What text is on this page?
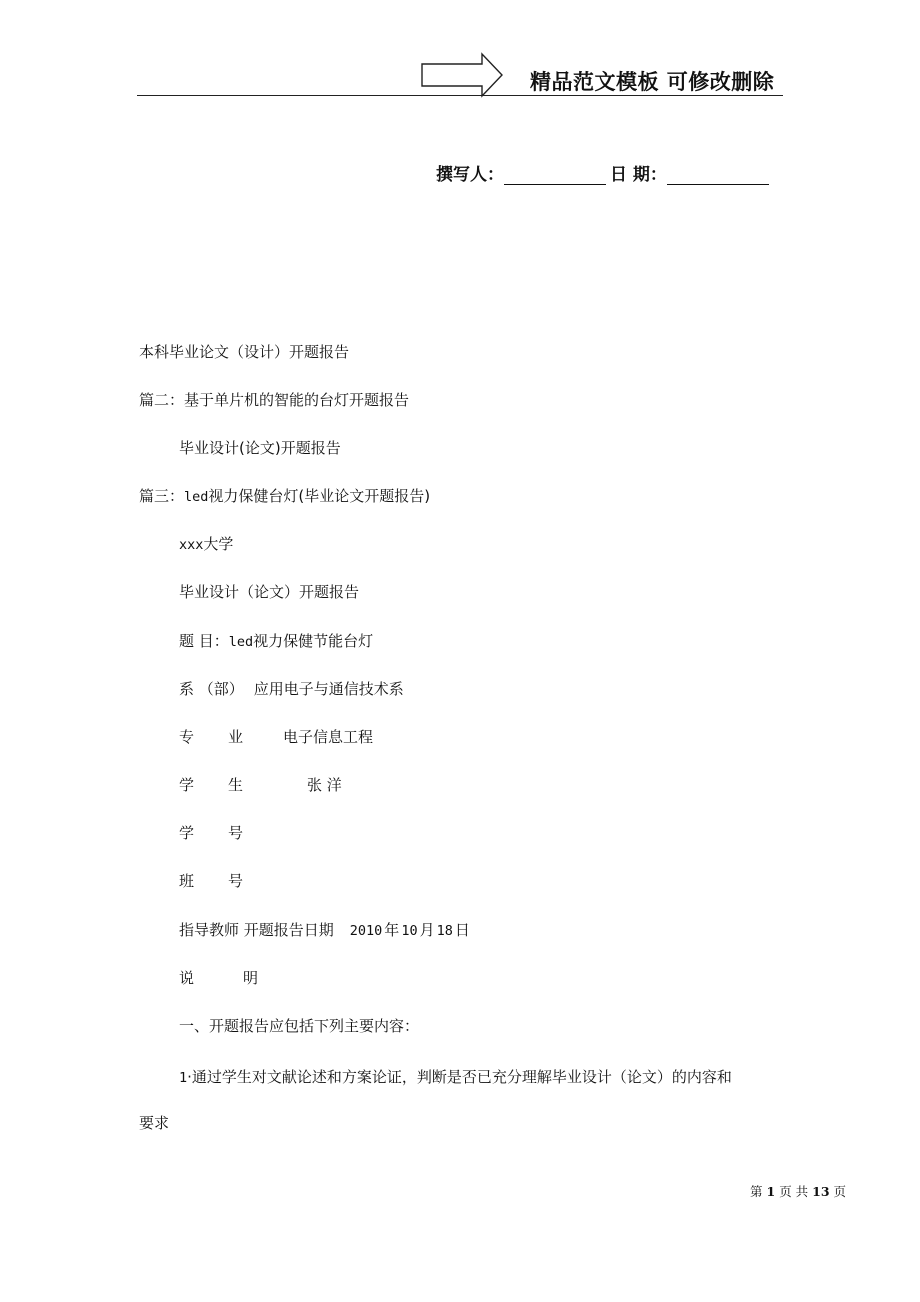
精品范文模板 可修改删除
撰写人：	日 期：
本科毕业论文（设计）开题报告
篇二：基于单片机的智能的台灯开题报告
毕业设计(论文)开题报告
篇三：led视力保健台灯(毕业论文开题报告)
xxx大学
毕业设计（论文）开题报告
题 目：led视力保健节能台灯
系 （部） 应用电子与通信技术系
专 业	电子信息工程
学 生	张 洋
学 号
班 号
指导教师 开题报告日期 2010 年 10 月 18 日
说	明
一、开题报告应包括下列主要内容：
1·通过学生对文献论述和方案论证，判断是否已充分理解毕业设计（论文）的内容和
要求
第 1 页 共 13 页
